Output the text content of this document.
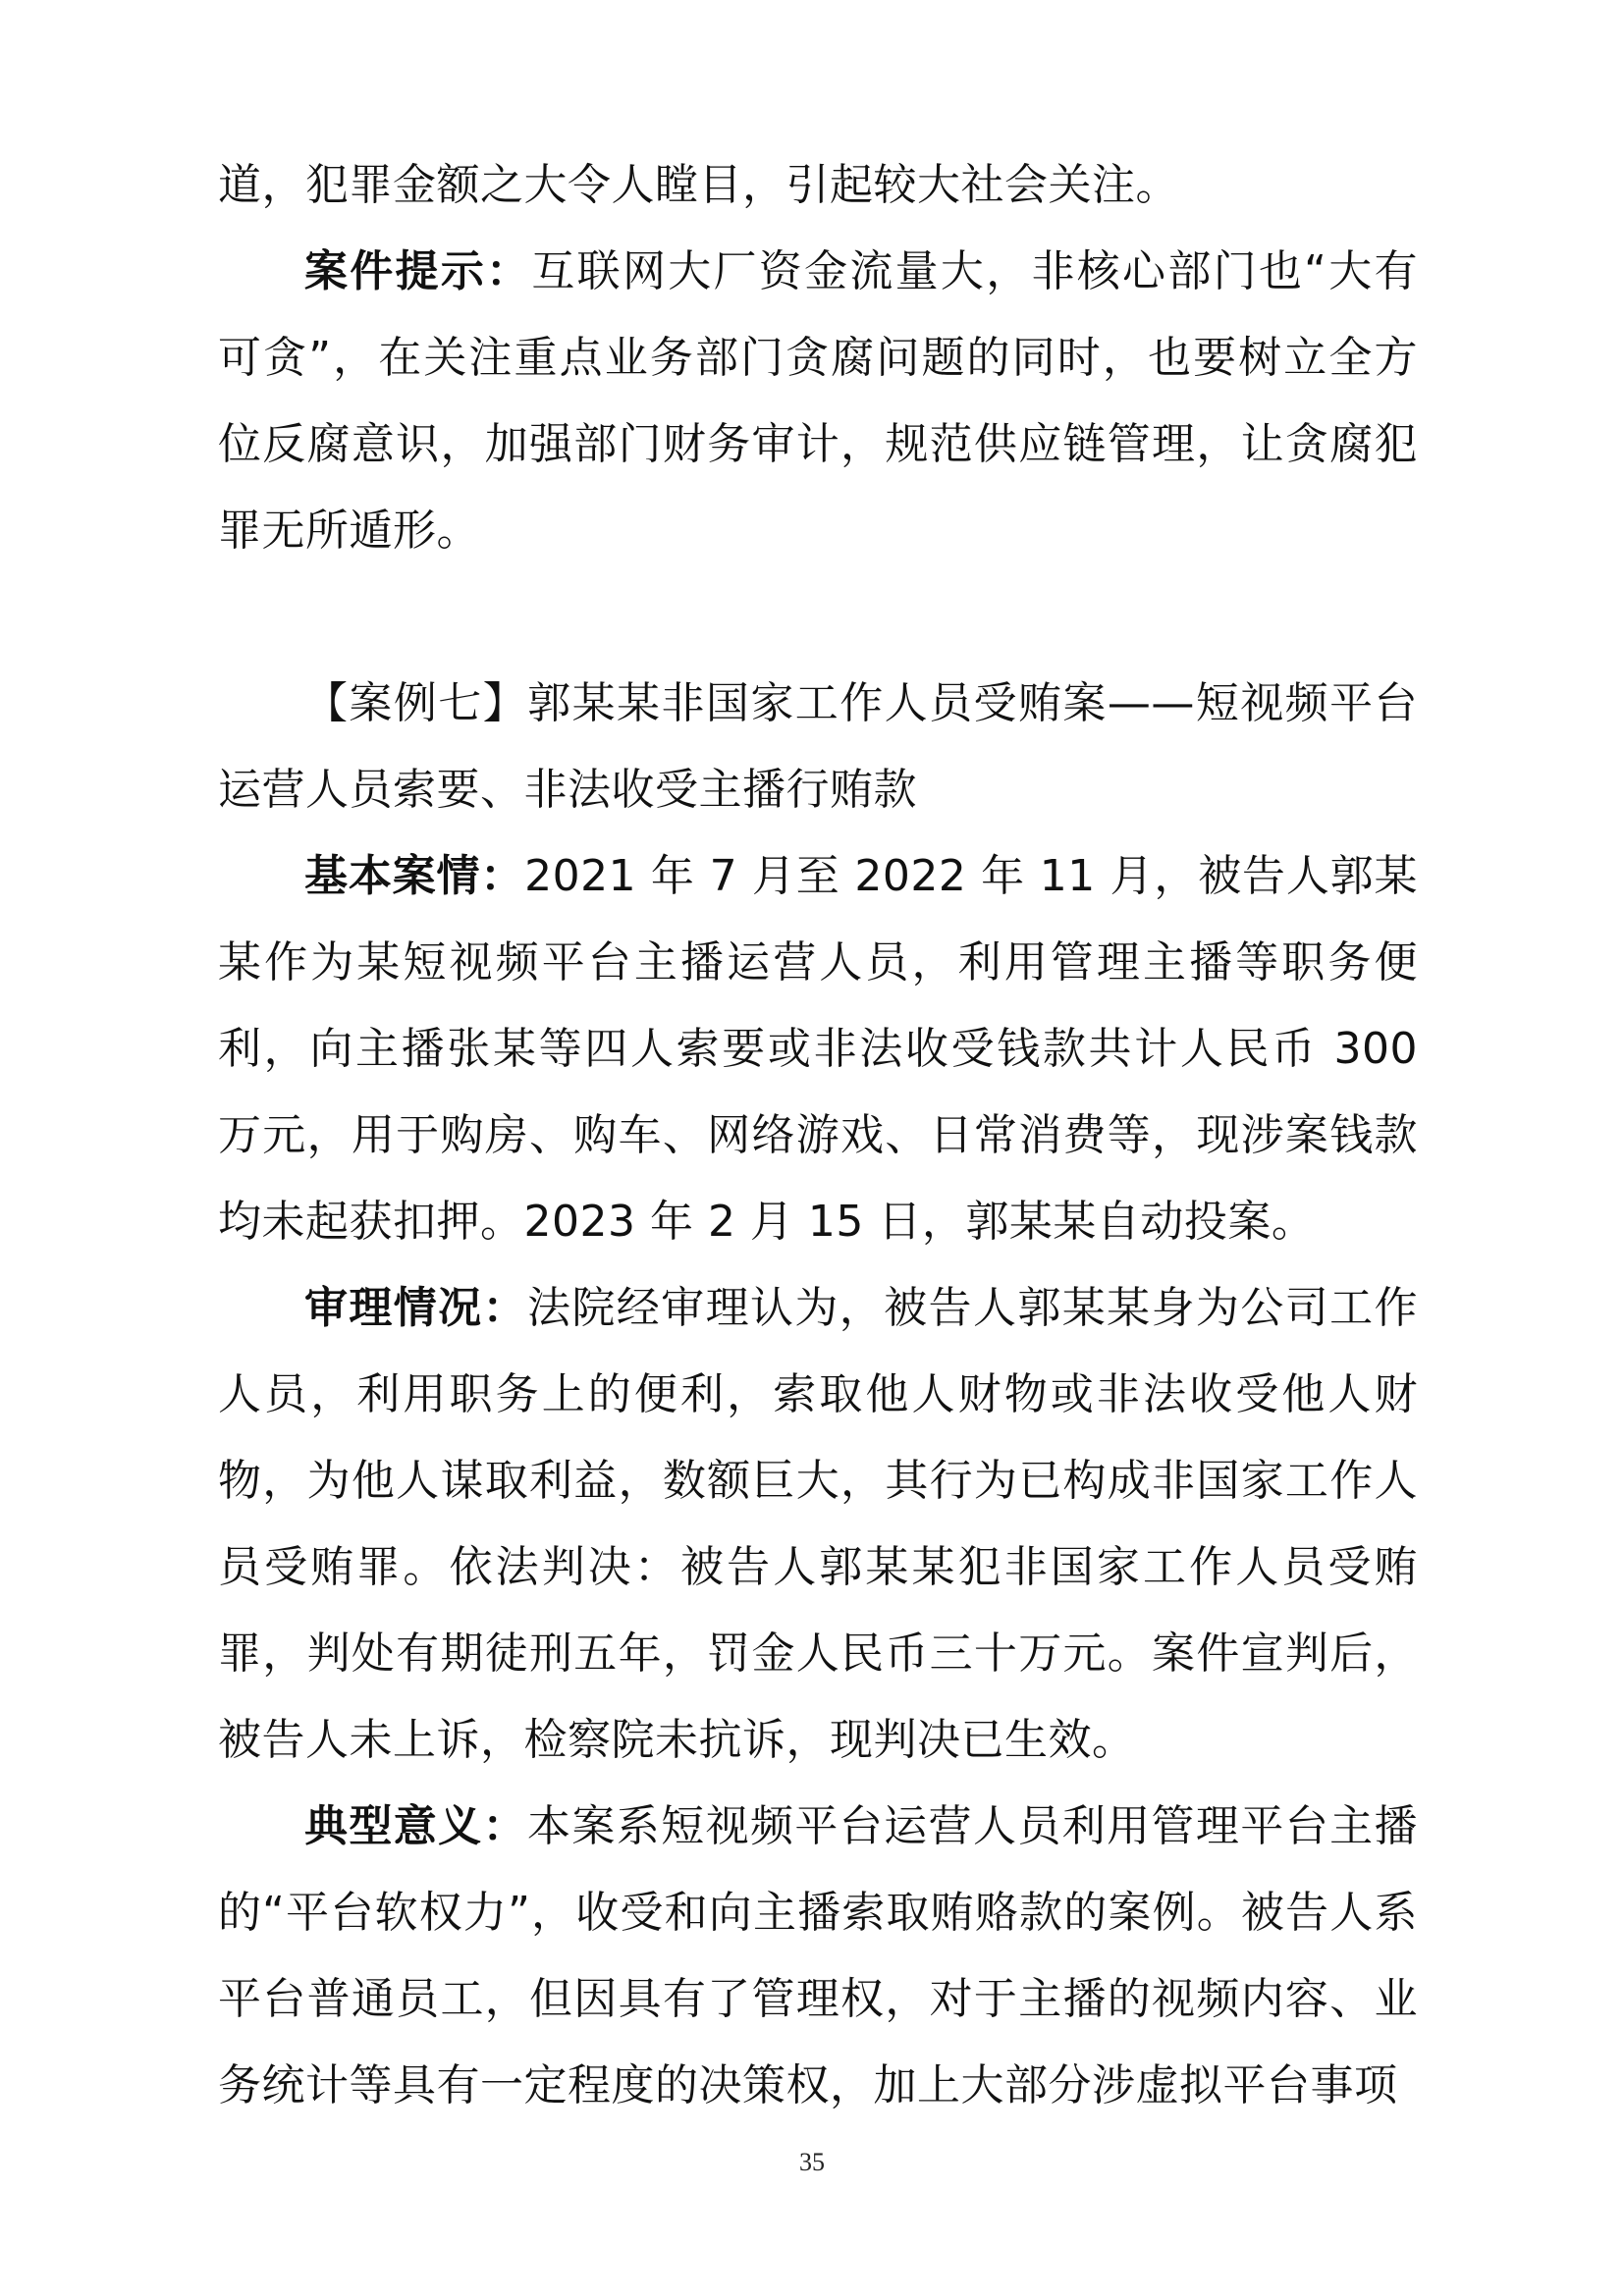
道，犯罪金额之大令人瞠目，引起较大社会关注。

案件提示：互联网大厂资金流量大，非核心部门也“大有可贪”，在关注重点业务部门贪腐问题的同时，也要树立全方位反腐意识，加强部门财务审计，规范供应链管理，让贪腐犯罪无所遁形。

【案例七】郭某某非国家工作人员受贿案——短视频平台运营人员索要、非法收受主播行贿款

基本案情：2021 年 7 月至 2022 年 11 月，被告人郭某某作为某短视频平台主播运营人员，利用管理主播等职务便利，向主播张某等四人索要或非法收受钱款共计人民币 300 万元，用于购房、购车、网络游戏、日常消费等，现涉案钱款均未起获扣押。2023 年 2 月 15 日，郭某某自动投案。

审理情况：法院经审理认为，被告人郭某某身为公司工作人员，利用职务上的便利，索取他人财物或非法收受他人财物，为他人谋取利益，数额巨大，其行为已构成非国家工作人员受贿罪。依法判决：被告人郭某某犯非国家工作人员受贿罪，判处有期徒刑五年，罚金人民币三十万元。案件宣判后，被告人未上诉，检察院未抗诉，现判决已生效。

典型意义：本案系短视频平台运营人员利用管理平台主播的“平台软权力”，收受和向主播索取贿赂款的案例。被告人系平台普通员工，但因具有了管理权，对于主播的视频内容、业务统计等具有一定程度的决策权，加上大部分涉虚拟平台事项

35
